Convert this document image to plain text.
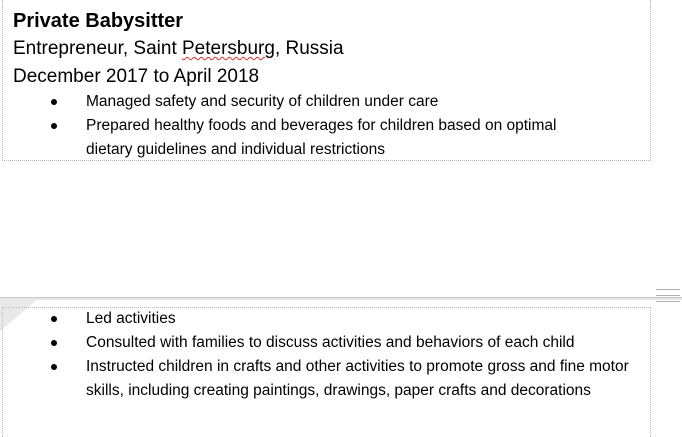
Private Babysitter
Entrepreneur, Saint Petersburg, Russia
December 2017 to April 2018
Managed safety and security of children under care
Prepared healthy foods and beverages for children based on optimal dietary guidelines and individual restrictions
Led activities
Consulted with families to discuss activities and behaviors of each child
Instructed children in crafts and other activities to promote gross and fine motor skills, including creating paintings, drawings, paper crafts and decorations
